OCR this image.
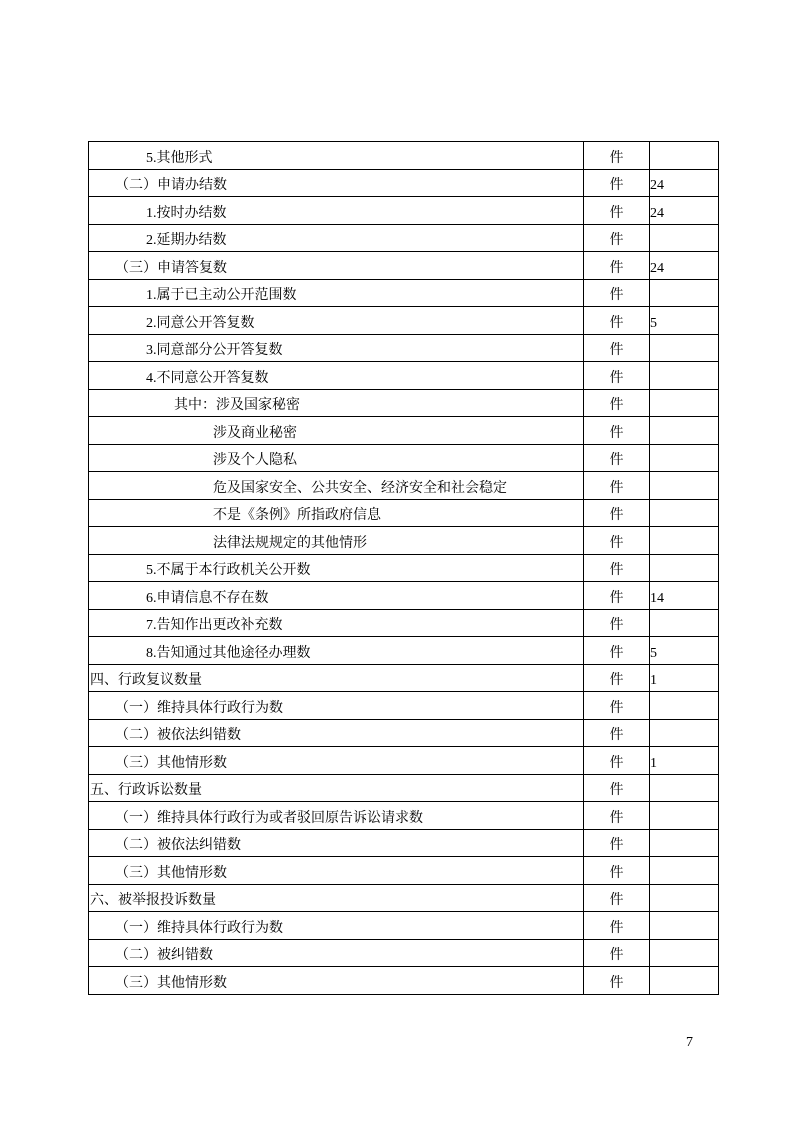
5.其他形式	件	
（二）申请办结数	件	24
1.按时办结数	件	24
2.延期办结数	件	
（三）申请答复数	件	24
1.属于已主动公开范围数	件	
2.同意公开答复数	件	5
3.同意部分公开答复数	件	
4.不同意公开答复数	件	
其中：涉及国家秘密	件	
涉及商业秘密	件	
涉及个人隐私	件	
危及国家安全、公共安全、经济安全和社会稳定	件	
不是《条例》所指政府信息	件	
法律法规规定的其他情形	件	
5.不属于本行政机关公开数	件	
6.申请信息不存在数	件	14
7.告知作出更改补充数	件	
8.告知通过其他途径办理数	件	5
四、行政复议数量	件	1
（一）维持具体行政行为数	件	
（二）被依法纠错数	件	
（三）其他情形数	件	1
五、行政诉讼数量	件	
（一）维持具体行政行为或者驳回原告诉讼请求数	件	
（二）被依法纠错数	件	
（三）其他情形数	件	
六、被举报投诉数量	件	
（一）维持具体行政行为数	件	
（二）被纠错数	件	
（三）其他情形数	件	
7
